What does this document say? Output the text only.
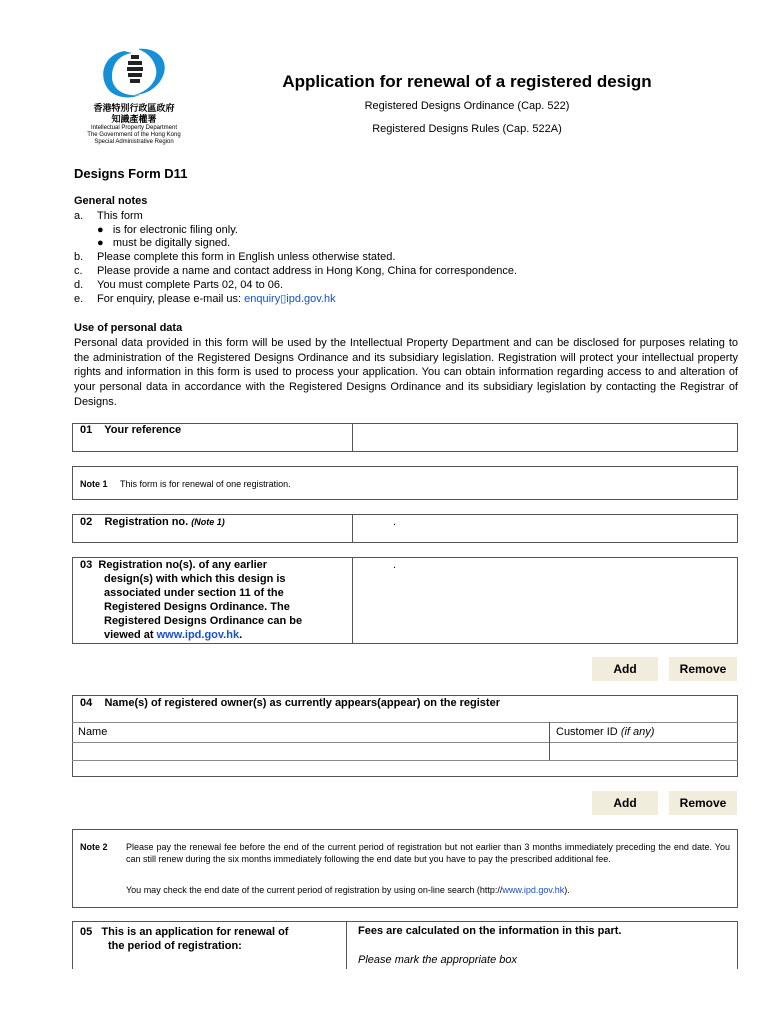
香港特別行政區政府
知識產權署
Intellectual Property Department
The Government of the Hong Kong
Special Administrative Region
Application for renewal of a registered design
Registered Designs Ordinance (Cap. 522)
Registered Designs Rules (Cap. 522A)
Designs Form D11
General notes
a. This form
● is for electronic filing only.
● must be digitally signed.
b. Please complete this form in English unless otherwise stated.
c. Please provide a name and contact address in Hong Kong, China for correspondence.
d. You must complete Parts 02, 04 to 06.
e. For enquiry, please e-mail us: enquiry▯ipd.gov.hk
Use of personal data
Personal data provided in this form will be used by the Intellectual Property Department and can be disclosed for purposes relating to the administration of the Registered Designs Ordinance and its subsidiary legislation. Registration will protect your intellectual property rights and information in this form is used to process your application. You can obtain information regarding access to and alteration of your personal data in accordance with the Registered Designs Ordinance and its subsidiary legislation by contacting the Registrar of Designs.
01 Your reference
Note 1 This form is for renewal of one registration.
02 Registration no. (Note 1)	.
03 Registration no(s). of any earlier
design(s) with which this design is
associated under section 11 of the
Registered Designs Ordinance. The
Registered Designs Ordinance can be
viewed at www.ipd.gov.hk.
.
Add	Remove
04 Name(s) of registered owner(s) as currently appears(appear) on the register
Name	Customer ID (if any)
Add	Remove
Note 2 Please pay the renewal fee before the end of the current period of registration but not earlier than 3 months immediately preceding the end date. You can still renew during the six months immediately following the end date but you have to pay the prescribed additional fee.
You may check the end date of the current period of registration by using on-line search (http://www.ipd.gov.hk).
05 This is an application for renewal of
the period of registration:
Fees are calculated on the information in this part.
Please mark the appropriate box
